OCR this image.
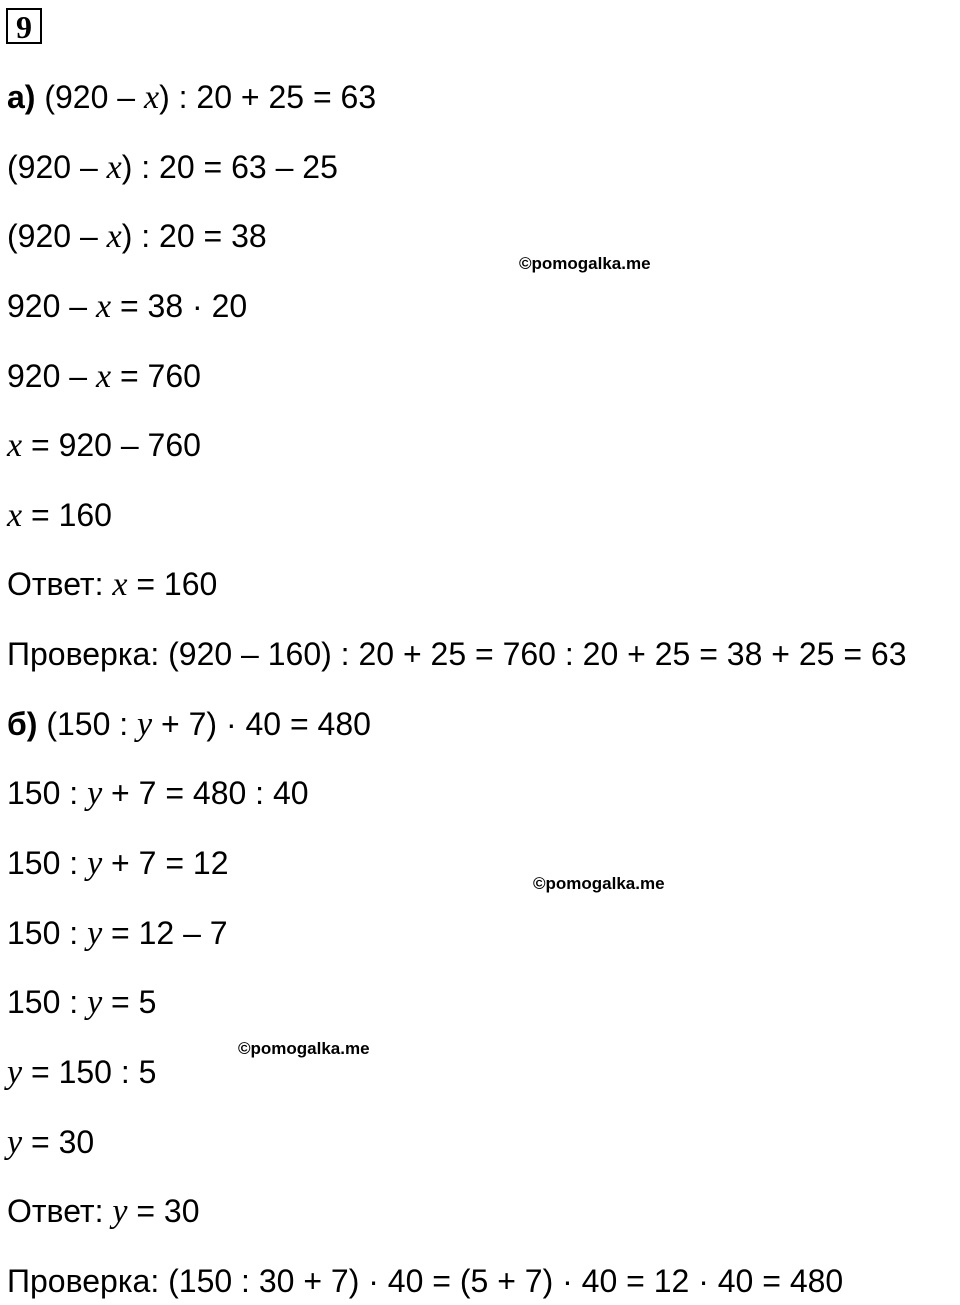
9
а) (920 – x) : 20 + 25 = 63
(920 – x) : 20 = 63 – 25
(920 – x) : 20 = 38
920 – x = 38 · 20
920 – x = 760
x = 920 – 760
x = 160
Ответ: x = 160
Проверка: (920 – 160) : 20 + 25 = 760 : 20 + 25 = 38 + 25 = 63
б) (150 : y + 7) · 40 = 480
150 : y + 7 = 480 : 40
150 : y + 7 = 12
150 : y = 12 – 7
150 : y = 5
y = 150 : 5
y = 30
Ответ: y = 30
Проверка: (150 : 30 + 7) · 40 = (5 + 7) · 40 = 12 · 40 = 480
©pomogalka.me
©pomogalka.me
©pomogalka.me
